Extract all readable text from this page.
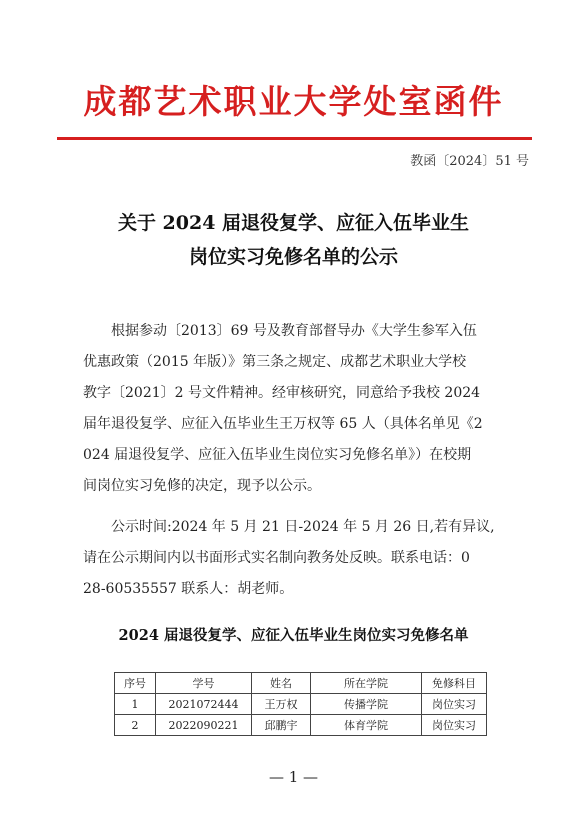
成都艺术职业大学处室函件
教函〔2024〕51 号
关于 2024 届退役复学、应征入伍毕业生
岗位实习免修名单的公示
根据参动〔2013〕69 号及教育部督导办《大学生参军入伍
优惠政策（2015 年版）》第三条之规定、成都艺术职业大学校
教字〔2021〕2 号文件精神。经审核研究，同意给予我校 2024
届年退役复学、应征入伍毕业生王万权等 65 人（具体名单见《2
024 届退役复学、应征入伍毕业生岗位实习免修名单》）在校期
间岗位实习免修的决定，现予以公示。
公示时间:2024 年 5 月 21 日-2024 年 5 月 26 日,若有异议,
请在公示期间内以书面形式实名制向教务处反映。联系电话：0
28-60535557 联系人：胡老师。
2024 届退役复学、应征入伍毕业生岗位实习免修名单
序号	学号	姓名	所在学院	免修科目
1	2021072444	王万权	传播学院	岗位实习
2	2022090221	邱鹏宇	体育学院	岗位实习
— 1 —
